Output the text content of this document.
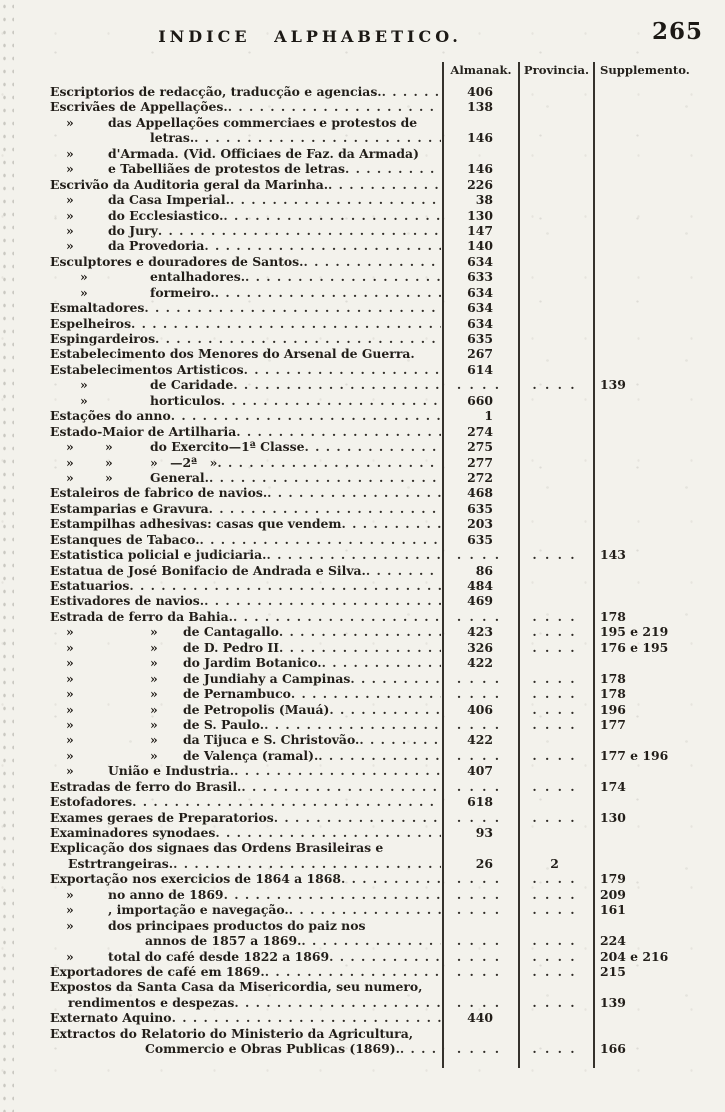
INDICE ALPHABETICO.	265
Almanak.	Provincia. Supplemento.
Escriptorios de redacção, traducção e agencias. . .	406
Escrivães de Appellações. . .	138
»	das Appellações commerciaes e protestos de
letras. . .	146
»	d'Armada. (Vid. Officiaes de Faz. da Armada)
»	e Tabelliães de protestos de letras . .	146
Escrivão da Auditoria geral da Marinha. . .	226
»	da Casa Imperial. . .	38
»	do Ecclesiastico. . .	130
»	do Jury . .	147
»	da Provedoria . .	140
Esculptores e douradores de Santos. . .	634
»	entalhadores. . .	633
»	formeiro. . .	634
Esmaltadores . .	634
Espelheiros . .	634
Espingardeiros . .	635
Estabelecimento dos Menores do Arsenal de Guerra.	267
Estabelecimentos Artisticos . .	614
»	de Caridade . .	. . . .	. . . .	139
»	horticulos . .	660
Estações do anno . .	1
Estado-Maior de Artilharia . .	274
»	»	do Exercito—1ª Classe . .	275
»	»	» —2ª » . .	277
»	»	General. . .	272
Estaleiros de fabrico de navios. . .	468
Estamparias e Gravura . .	635
Estampilhas adhesivas: casas que vendem . .	203
Estanques de Tabaco. . .	635
Estatistica policial e judiciaria. . .	. . . .	. . . .	143
Estatua de José Bonifacio de Andrada e Silva. . .	86
Estatuarios . .	484
Estivadores de navios. . .	469
Estrada de ferro da Bahia. . .	. . . .	. . . .	178
»	»	de Cantagallo . .	423	. . . .	195 e 219
»	»	de D. Pedro II . .	326	. . . .	176 e 195
»	»	do Jardim Botanico. . .	422
»	»	de Jundiahy a Campinas . .	. . . .	. . . .	178
»	»	de Pernambuco . .	. . . .	. . . .	178
»	»	de Petropolis (Mauá) . .	406	. . . .	196
»	»	de S. Paulo. . .	. . . .	. . . .	177
»	»	da Tijuca e S. Christovão. . .	422
»	»	de Valença (ramal). . .	. . . .	. . . .	177 e 196
»	União e Industria. . .	407
Estradas de ferro do Brasil. . .	. . . .	. . . .	174
Estofadores . .	618
Exames geraes de Preparatorios . .	. . . .	. . . .	130
Examinadores synodaes . .	93
Explicação dos signaes das Ordens Brasileiras e
Estrtrangeiras. . .	26	2
Exportação nos exercicios de 1864 a 1868 . .	. . . .	. . . .	179
»	no anno de 1869 . .	. . . .	. . . .	209
»	, importação e navegação. . .	. . . .	. . . .	161
»	dos principaes productos do paiz nos
annos de 1857 a 1869. . .	. . . .	. . . .	224
»	total do café desde 1822 a 1869 . .	. . . .	. . . .	204 e 216
Exportadores de café em 1869. . .	. . . .	. . . .	215
Expostos da Santa Casa da Misericordia, seu numero,
rendimentos e despezas . .	. . . .	. . . .	139
Externato Aquino . .	440
Extractos do Relatorio do Ministerio da Agricultura,
Commercio e Obras Publicas (1869). . .	. . . .	. . . .	166
